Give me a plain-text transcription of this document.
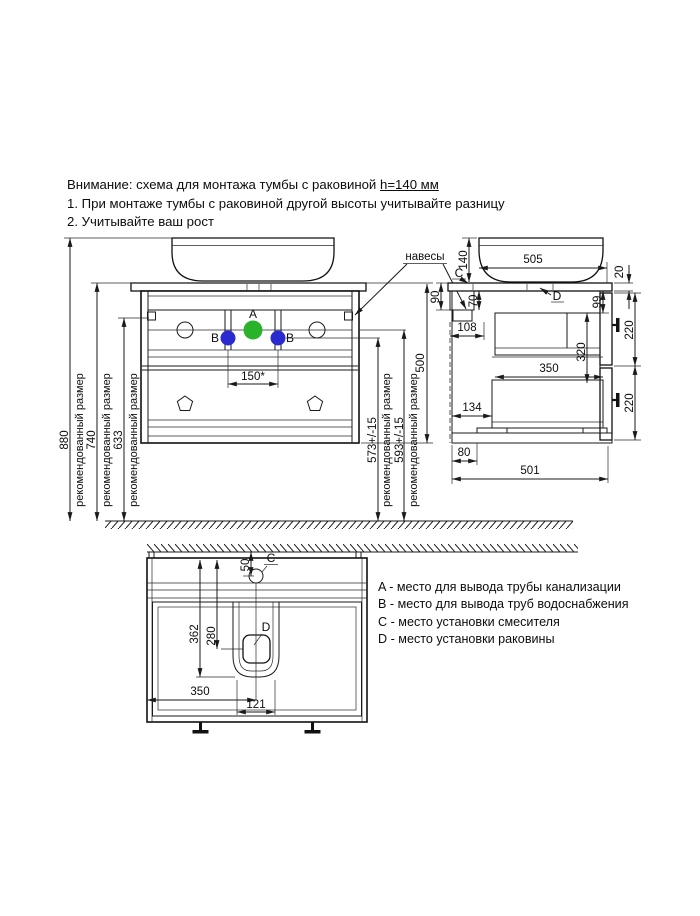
A
B	B
880 рекомендованный размер 740 рекомендованный размер 633 рекомендованный размер	573+/-15 рекомендованный размер 593+/-15 рекомендованный размер
500
150*
навесы
C
D
140	505
20
90 70
108
99
320
350
134
220
220
80
501
D
C
50
362 280
350
121
Внимание: схема для монтажа тумбы с раковиной h=140 мм
1. При монтаже тумбы с раковиной другой высоты учитывайте разницу
2. Учитывайте ваш рост
A - место для вывода трубы канализации
B - место для вывода труб водоснабжения
C - место установки смесителя
D - место установки раковины
